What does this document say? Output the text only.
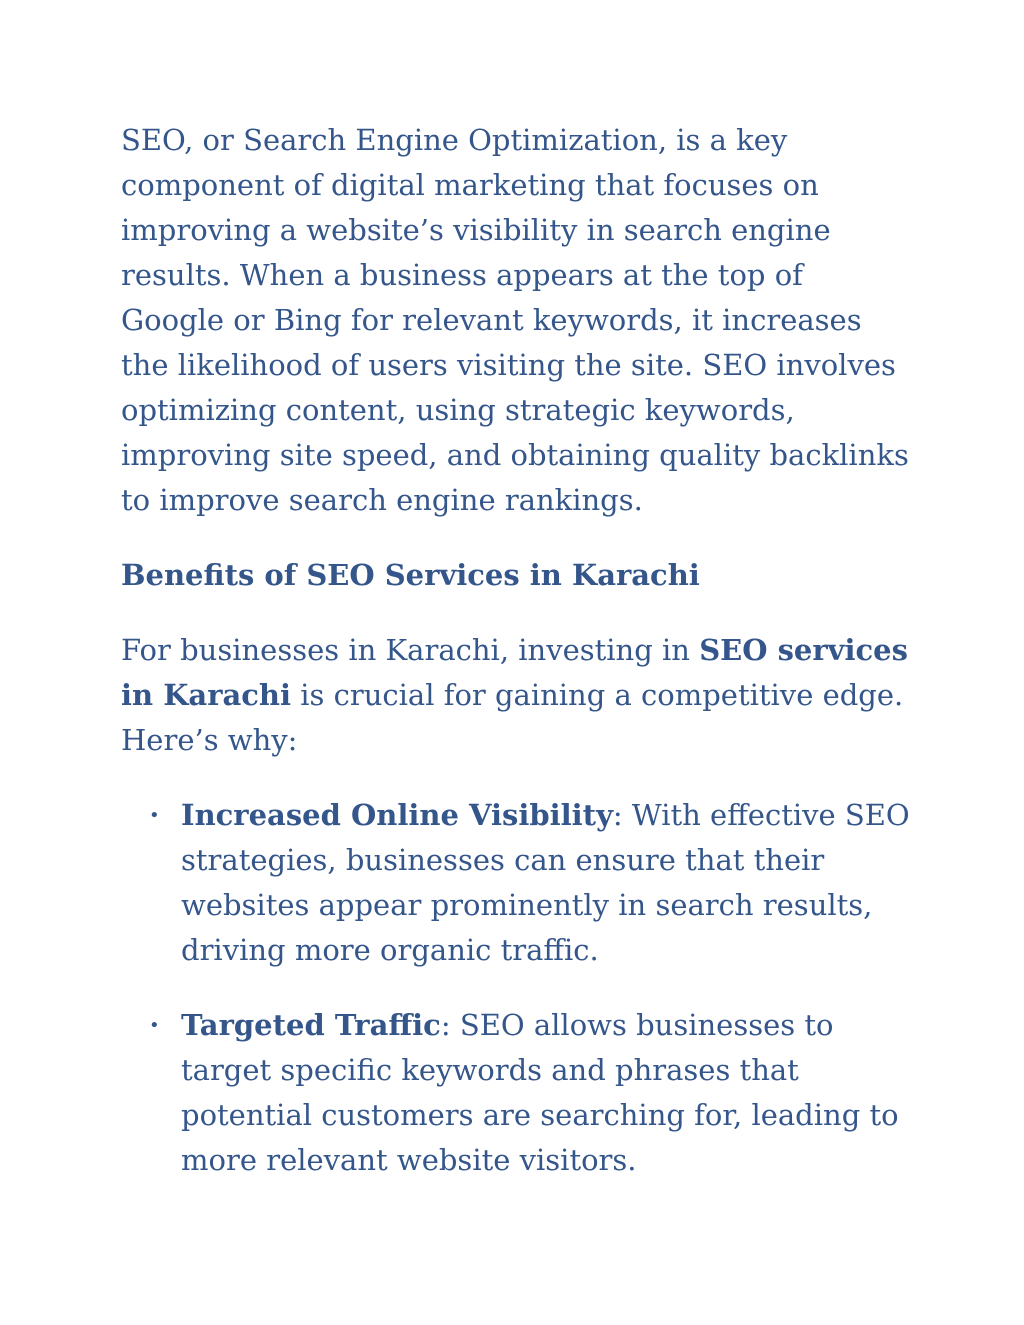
SEO, or Search Engine Optimization, is a key component of digital marketing that focuses on improving a website’s visibility in search engine results. When a business appears at the top of Google or Bing for relevant keywords, it increases the likelihood of users visiting the site. SEO involves optimizing content, using strategic keywords, improving site speed, and obtaining quality backlinks to improve search engine rankings.

Benefits of SEO Services in Karachi

For businesses in Karachi, investing in SEO services in Karachi is crucial for gaining a competitive edge. Here’s why:

• Increased Online Visibility: With effective SEO strategies, businesses can ensure that their websites appear prominently in search results, driving more organic traffic.
• Targeted Traffic: SEO allows businesses to target specific keywords and phrases that potential customers are searching for, leading to more relevant website visitors.
